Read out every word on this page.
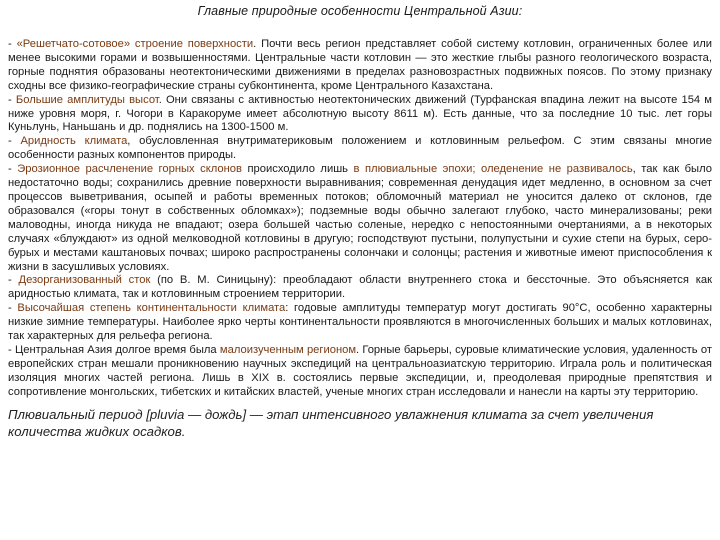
Главные природные особенности Центральной Азии:

- «Решетчато-сотовое» строение поверхности. Почти весь регион представляет собой систему котловин, ограниченных более или менее высокими горами и возвышенностями. Центральные части котловин — это жесткие глыбы разного геологического возраста, горные поднятия образованы неотектоническими движениями в пределах разновозрастных подвижных поясов. По этому признаку сходны все физико-географические страны субконтинента, кроме Центрального Казахстана.

- Большие амплитуды высот. Они связаны с активностью неотектонических движений (Турфанская впадина лежит на высоте 154 м ниже уровня моря, г. Чогори в Каракоруме имеет абсолютную высоту 8611 м). Есть данные, что за последние 10 тыс. лет горы Куньлунь, Наньшань и др. поднялись на 1300-1500 м.

- Аридность климата, обусловленная внутриматериковым положением и котловинным рельефом. С этим связаны многие особенности разных компонентов природы.

- Эрозионное расчленение горных склонов происходило лишь в плювиальные эпохи; оледенение не развивалось, так как было недостаточно воды; сохранились древние поверхности выравнивания; современная денудация идет медленно, в основном за счет процессов выветривания, осыпей и работы временных потоков; обломочный материал не уносится далеко от склонов, где образовался («горы тонут в собственных обломках»); подземные воды обычно залегают глубоко, часто минерализованы; реки маловодны, иногда никуда не впадают; озера большей частью соленые, нередко с непостоянными очертаниями, а в некоторых случаях «блуждают» из одной мелководной котловины в другую; господствуют пустыни, полупустыни и сухие степи на бурых, серо-бурых и местами каштановых почвах; широко распространены солончаки и солонцы; растения и животные имеют приспособления к жизни в засушливых условиях.

- Дезорганизованный сток (по В. М. Синицыну): преобладают области внутреннего стока и бессточные. Это объясняется как аридностью климата, так и котловинным строением территории.

- Высочайшая степень континентальности климата: годовые амплитуды температур могут достигать 90°С, особенно характерны низкие зимние температуры. Наиболее ярко черты континентальности проявляются в многочисленных больших и малых котловинах, так характерных для рельефа региона.

- Центральная Азия долгое время была малоизученным регионом. Горные барьеры, суровые климатические условия, удаленность от европейских стран мешали проникновению научных экспедиций на центральноазиатскую территорию. Играла роль и политическая изоляция многих частей региона. Лишь в XIX в. состоялись первые экспедиции, и, преодолевая природные препятствия и сопротивление монгольских, тибетских и китайских властей, ученые многих стран исследовали и нанесли на карты эту территорию.

Плювиальный период [pluvia — дождь] — этап интенсивного увлажнения климата за счет увеличения количества жидких осадков.
